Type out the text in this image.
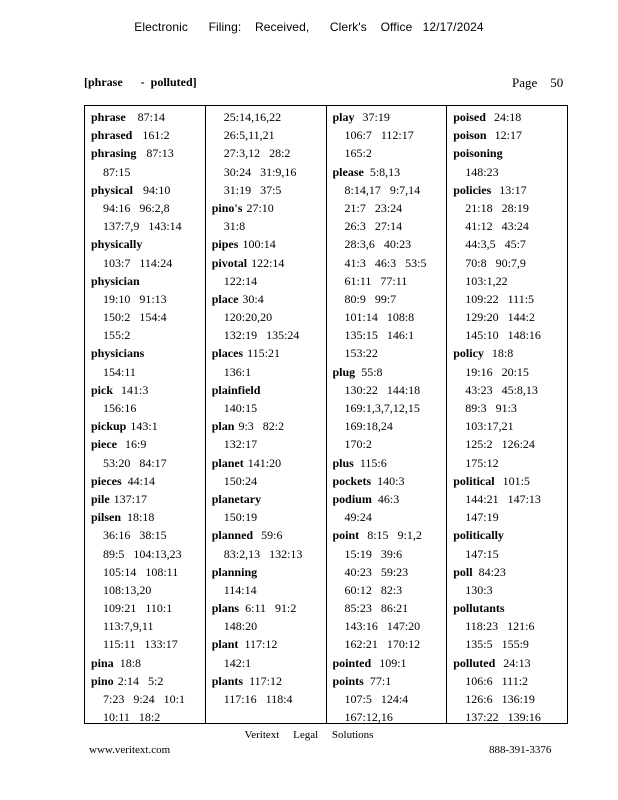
Electronic      Filing:    Received,      Clerk's    Office   12/17/2024
[phrase      -  polluted]	Page    50
phrase 87:14
phrased 161:2
phrasing 87:13
87:15
physical 94:10
94:16   96:2,8
137:7,9   143:14
physically
103:7   114:24
physician
19:10   91:13
150:2   154:4
155:2
physicians
154:11
pick 141:3
156:16
pickup 143:1
piece 16:9
53:20   84:17
pieces 44:14
pile 137:17
pilsen 18:18
36:16   38:15
89:5   104:13,23
105:14   108:11
108:13,20
109:21   110:1
113:7,9,11
115:11   133:17
pina 18:8
pino 2:14   5:2
7:23   9:24   10:1
10:11   18:2
25:14,16,22
26:5,11,21
27:3,12   28:2
30:24   31:9,16
31:19   37:5
pino's 27:10
31:8
pipes 100:14
pivotal 122:14
122:14
place 30:4
120:20,20
132:19   135:24
places 115:21
136:1
plainfield
140:15
plan 9:3   82:2
132:17
planet 141:20
150:24
planetary
150:19
planned 59:6
83:2,13   132:13
planning
114:14
plans 6:11   91:2
148:20
plant 117:12
142:1
plants 117:12
117:16   118:4
play 37:19
106:7   112:17
165:2
please 5:8,13
8:14,17   9:7,14
21:7   23:24
26:3   27:14
28:3,6   40:23
41:3   46:3   53:5
61:11   77:11
80:9   99:7
101:14   108:8
135:15   146:1
153:22
plug 55:8
130:22   144:18
169:1,3,7,12,15
169:18,24
170:2
plus 115:6
pockets 140:3
podium 46:3
49:24
point 8:15   9:1,2
15:19   39:6
40:23   59:23
60:12   82:3
85:23   86:21
143:16   147:20
162:21   170:12
pointed 109:1
points 77:1
107:5   124:4
167:12,16
poised 24:18
poison 12:17
poisoning
148:23
policies 13:17
21:18   28:19
41:12   43:24
44:3,5   45:7
70:8   90:7,9
103:1,22
109:22   111:5
129:20   144:2
145:10   148:16
policy 18:8
19:16   20:15
43:23   45:8,13
89:3   91:3
103:17,21
125:2   126:24
175:12
political 101:5
144:21   147:13
147:19
politically
147:15
poll 84:23
130:3
pollutants
118:23   121:6
135:5   155:9
polluted 24:13
106:6   111:2
126:6   136:19
137:22   139:16
Veritext     Legal     Solutions
www.veritext.com	888-391-3376
